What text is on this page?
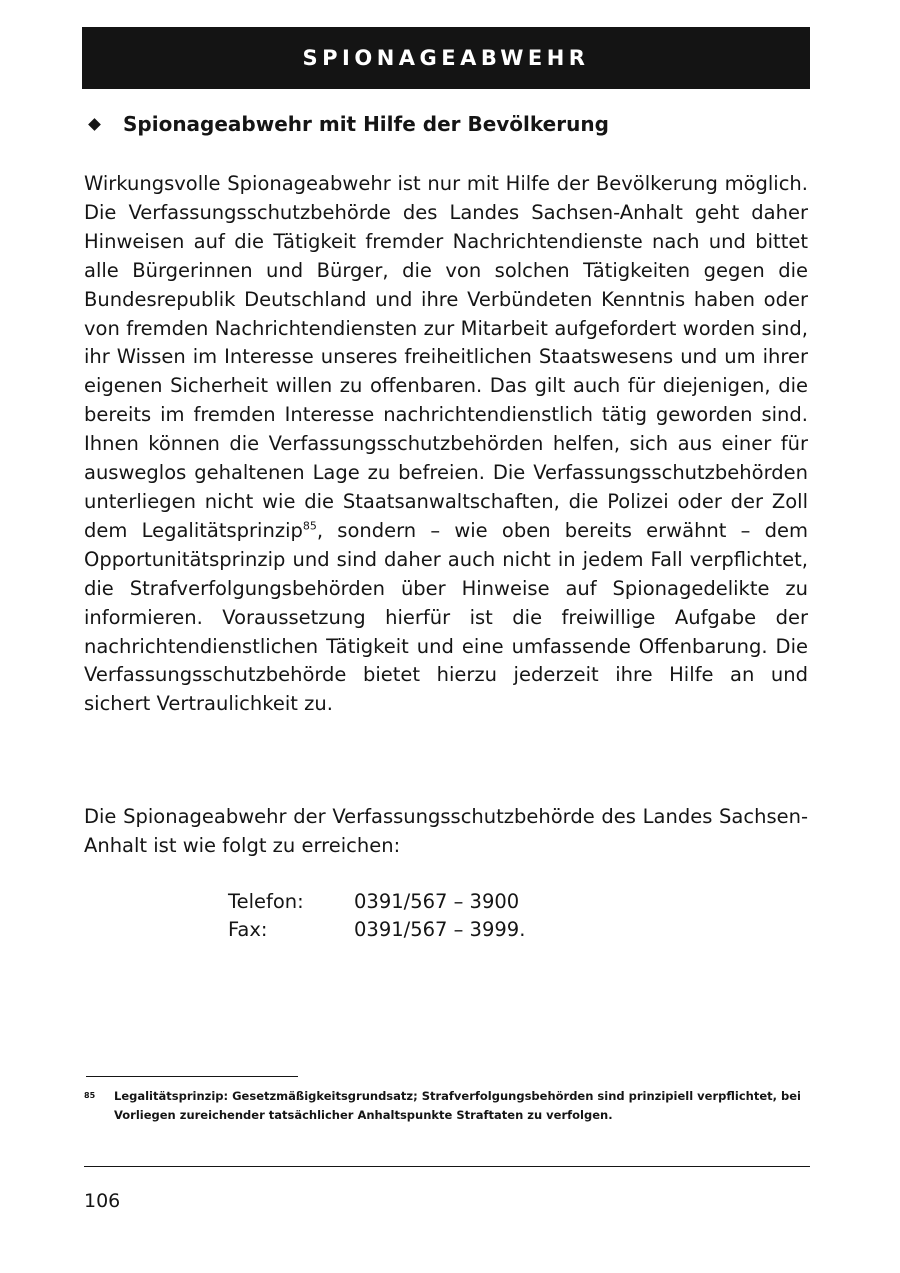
SPIONAGEABWEHR
Spionageabwehr mit Hilfe der Bevölkerung

Wirkungsvolle Spionageabwehr ist nur mit Hilfe der Bevölkerung möglich. Die Verfassungsschutzbehörde des Landes Sachsen-Anhalt geht daher Hinweisen auf die Tätigkeit fremder Nachrichtendienste nach und bittet alle Bürgerinnen und Bürger, die von solchen Tätigkeiten gegen die Bundesrepublik Deutschland und ihre Verbündeten Kenntnis haben oder von fremden Nachrichtendiensten zur Mitarbeit aufgefordert worden sind, ihr Wissen im Interesse unseres freiheitlichen Staatswesens und um ihrer eigenen Sicherheit willen zu offenbaren. Das gilt auch für diejenigen, die bereits im fremden Interesse nachrichtendienstlich tätig geworden sind. Ihnen können die Verfassungsschutzbehörden helfen, sich aus einer für ausweglos gehaltenen Lage zu befreien. Die Verfassungsschutzbehörden unterliegen nicht wie die Staatsanwaltschaften, die Polizei oder der Zoll dem Legalitätsprinzip$^{85}$, sondern – wie oben bereits erwähnt – dem Opportunitätsprinzip und sind daher auch nicht in jedem Fall verpflichtet, die Strafverfolgungsbehörden über Hinweise auf Spionagedelikte zu informieren. Voraussetzung hierfür ist die freiwillige Aufgabe der nachrichtendienstlichen Tätigkeit und eine umfassende Offenbarung. Die Verfassungsschutzbehörde bietet hierzu jederzeit ihre Hilfe an und sichert Vertraulichkeit zu.

Die Spionageabwehr der Verfassungsschutzbehörde des Landes Sachsen-Anhalt ist wie folgt zu erreichen:

Telefon:	0391/567 – 3900
Fax:	0391/567 – 3999.
85	Legalitätsprinzip: Gesetzmäßigkeitsgrundsatz; Strafverfolgungsbehörden sind prinzipiell verpflichtet, bei Vorliegen zureichender tatsächlicher Anhaltspunkte Straftaten zu verfolgen.
106
